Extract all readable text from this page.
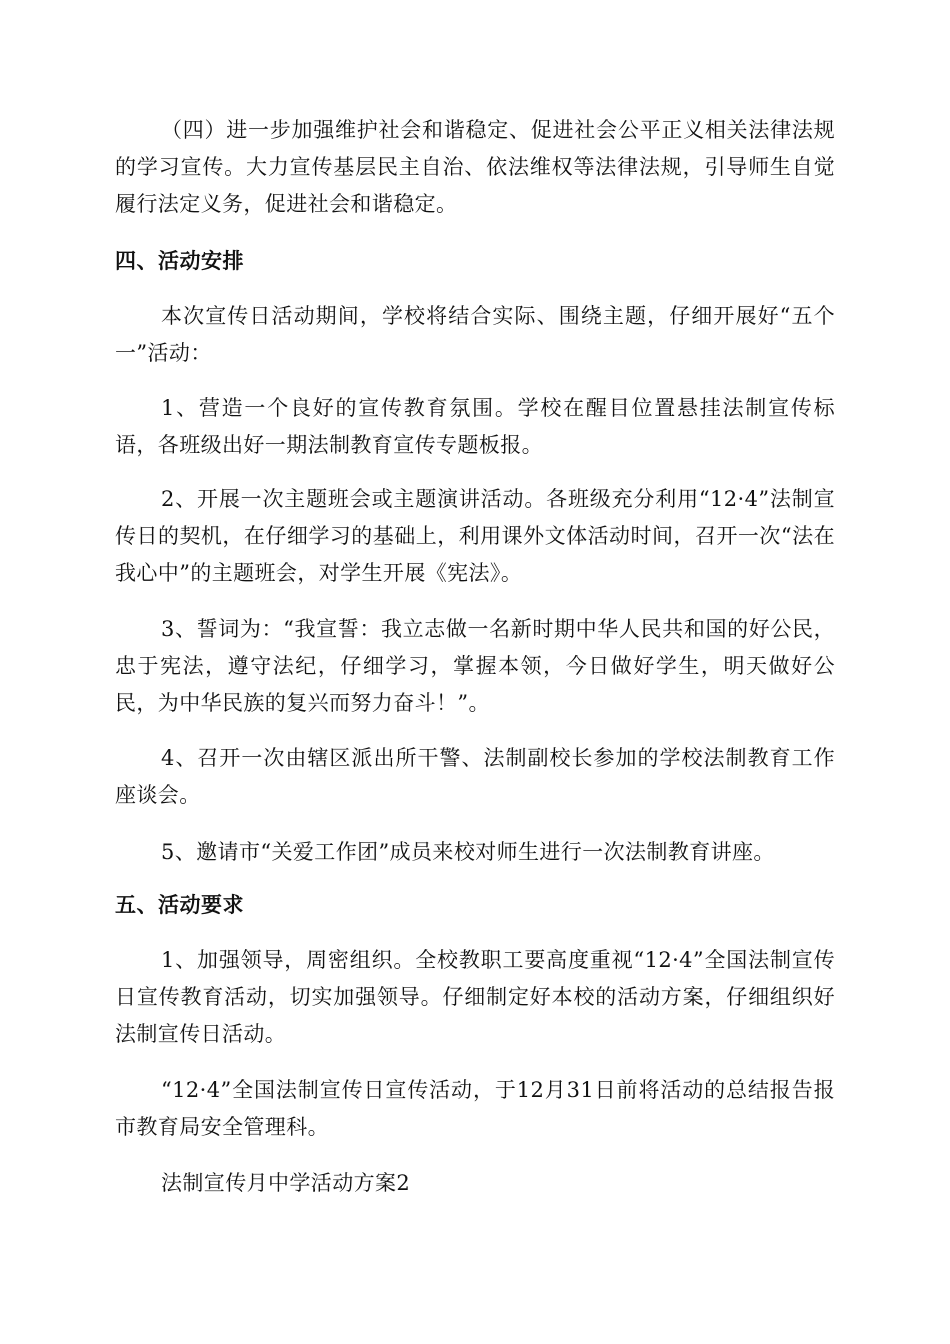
（四）进一步加强维护社会和谐稳定、促进社会公平正义相关法律法规的学习宣传。大力宣传基层民主自治、依法维权等法律法规，引导师生自觉履行法定义务，促进社会和谐稳定。

四、活动安排

本次宣传日活动期间，学校将结合实际、围绕主题，仔细开展好“五个一”活动：

1、营造一个良好的宣传教育氛围。学校在醒目位置悬挂法制宣传标语，各班级出好一期法制教育宣传专题板报。

2、开展一次主题班会或主题演讲活动。各班级充分利用“12·4”法制宣传日的契机，在仔细学习的基础上，利用课外文体活动时间，召开一次“法在我心中”的主题班会，对学生开展《宪法》。

3、誓词为：“我宣誓：我立志做一名新时期中华人民共和国的好公民，忠于宪法，遵守法纪，仔细学习，掌握本领，今日做好学生，明天做好公民，为中华民族的复兴而努力奋斗！”。

4、召开一次由辖区派出所干警、法制副校长参加的学校法制教育工作座谈会。

5、邀请市“关爱工作团”成员来校对师生进行一次法制教育讲座。

五、活动要求

1、加强领导，周密组织。全校教职工要高度重视“12·4”全国法制宣传日宣传教育活动，切实加强领导。仔细制定好本校的活动方案，仔细组织好法制宣传日活动。

“12·4”全国法制宣传日宣传活动，于12月31日前将活动的总结报告报市教育局安全管理科。

法制宣传月中学活动方案2
